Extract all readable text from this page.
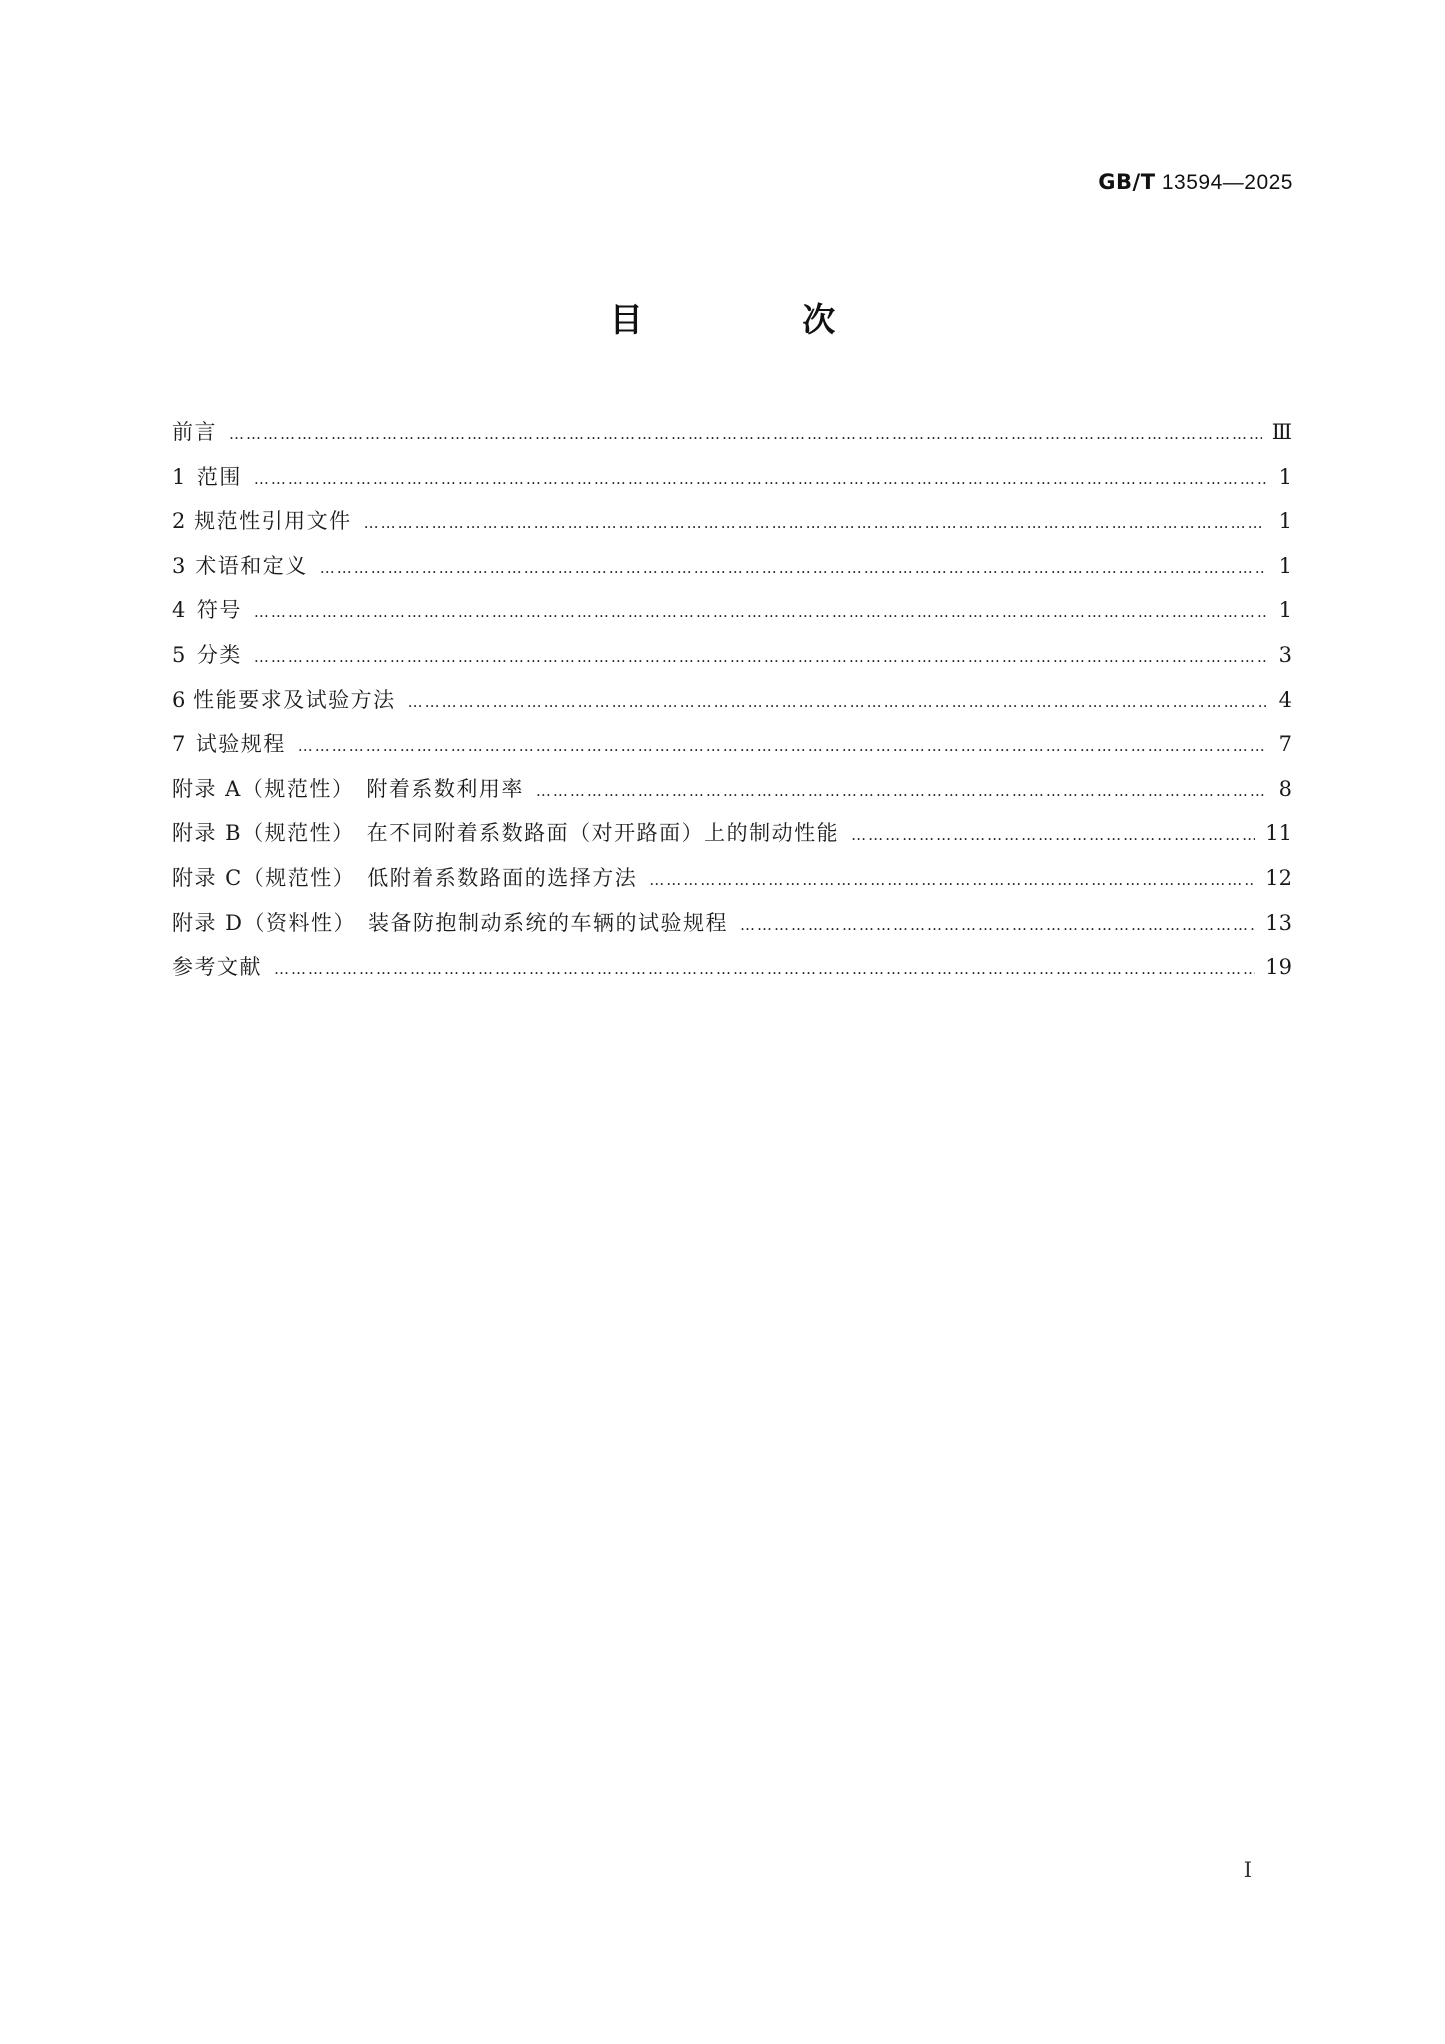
GB/T 13594—2025
目 次
前言 …………………………………………………………………………………………………………………………………………………………………………………………………………………………………………………	Ⅲ
1 范围 …………………………………………………………………………………………………………………………………………………………………………………………………………………………………………………	1
2 规范性引用文件 …………………………………………………………………………………………………………………………………………………………………………………………………………………………………………………	1
3 术语和定义 …………………………………………………………………………………………………………………………………………………………………………………………………………………………………………………	1
4 符号 …………………………………………………………………………………………………………………………………………………………………………………………………………………………………………………	1
5 分类 …………………………………………………………………………………………………………………………………………………………………………………………………………………………………………………	3
6 性能要求及试验方法 …………………………………………………………………………………………………………………………………………………………………………………………………………………………………………………	4
7 试验规程 …………………………………………………………………………………………………………………………………………………………………………………………………………………………………………………	7
附录 A（规范性）　附着系数利用率 …………………………………………………………………………………………………………………………………………………………………………………………………………………………………………………	8
附录 B（规范性）　在不同附着系数路面（对开路面）上的制动性能 …………………………………………………………………………………………………………………………………………………………………………………………………………………………………………………	11
附录 C（规范性）　低附着系数路面的选择方法 …………………………………………………………………………………………………………………………………………………………………………………………………………………………………………………	12
附录 D（资料性）　装备防抱制动系统的车辆的试验规程 …………………………………………………………………………………………………………………………………………………………………………………………………………………………………………………	13
参考文献 …………………………………………………………………………………………………………………………………………………………………………………………………………………………………………………	19
Ⅰ
